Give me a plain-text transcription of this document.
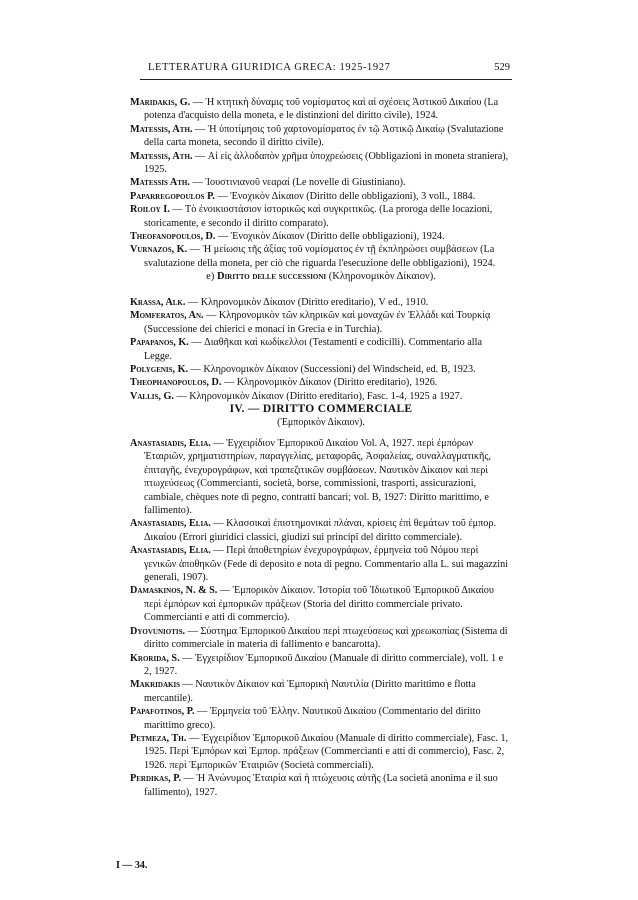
LETTERATURA GIURIDICA GRECA: 1925-1927	529

Maridakis, G. — Ἡ κτητικὴ δύναμις τοῦ νομίσματος καὶ αἱ σχέσεις Ἀστικοῦ Δικαίου (La potenza d'acquisto della moneta, e le distinzioni del diritto civile), 1924.

Matessis, Ath. — Ἡ ὑποτίμησις τοῦ χαρτονομίσματος ἐν τῷ Ἀστικῷ Δικαίῳ (Svalutazione della carta moneta, secondo il diritto civile).

Matessis, Ath. — Αἱ εἰς ἀλλοδαπὸν χρῆμα ὑποχρεώσεις (Obbligazioni in moneta straniera), 1925.

Matessis Ath. — Ἰουστινιανοῦ νεαραί (Le novelle di Giustiniano).

Paparregopoulos P. — Ἐνοχικὸν Δίκαιον (Diritto delle obbligazioni), 3 voll., 1884.

Roiloy I. — Τὸ ἐνοικιοστάσιον ἱστορικῶς καὶ συγκριτικῶς. (La proroga delle locazioni, storicamente, e secondo il diritto comparato).

Theofanopoulos, D. — Ἐνοχικὸν Δίκαιον (Diritto delle obbligazioni), 1924.

Vurnazos, K. — Ἡ μείωσις τῆς ἀξίας τοῦ νομίσματος ἐν τῇ ἐκπληρώσει συμβάσεων (La svalutazione della moneta, per ciò che riguarda l'esecuzione delle obbligazioni), 1924.

e) Diritto delle successioni (Κληρονομικὸν Δίκαιον).

Krassa, Alk. — Κληρονομικὸν Δίκαιον (Diritto ereditario), V ed., 1910.

Momferatos, An. — Κληρονομικὸν τῶν κληρικῶν καὶ μοναχῶν ἐν Ἑλλάδι καὶ Τουρκίᾳ (Successione dei chierici e monaci in Grecia e in Turchia).

Papapanos, K. — Διαθῆκαι καὶ κωδίκελλοι (Testamenti e codicilli). Commentario alla Legge.

Polygenis, K. — Κληρονομικὸν Δίκαιον (Successioni) del Windscheid, ed. B, 1923.

Theophanopoulos, D. — Κληρονομικὸν Δίκαιον (Diritto ereditario), 1926.

Vallis, G. — Κληρονομικὸν Δίκαιον (Diritto ereditario), Fasc. 1-4, 1925 a 1927.

IV. — DIRITTO COMMERCIALE
(Ἐμπορικὸν Δίκαιον).

Anastasiadis, Elia. — Ἐγχειρίδιον Ἐμπορικοῦ Δικαίου Vol. A, 1927. περὶ ἐμπόρων Ἑταιριῶν, χρηματιστηρίων, παραγγελίας, μεταφορᾶς, Ἀσφαλείας, συναλλαγματικῆς, ἐπιταγῆς, ἐνεχυρογράφων, καὶ τραπεζιτικῶν συμβάσεων. Ναυτικὸν Δίκαιον καὶ περὶ πτωχεύσεως (Commercianti, società, borse, commissioni, trasporti, assicurazioni, cambiale, chèques note di pegno, contratti bancari; vol. B, 1927: Diritto marittimo, e fallimento).

Anastasiadis, Elia. — Κλασσικαὶ ἐπιστημονικαὶ πλάναι, κρίσεις ἐπὶ θεμάτων τοῦ ἐμπορ. Δικαίου (Errori giuridici classici, giudizi sui principî del diritto commerciale).

Anastasiadis, Elia. — Περὶ ἀποθετηρίων ἐνεχυρογράφων, ἑρμηνεία τοῦ Νόμου περὶ γενικῶν ἀποθηκῶν (Fede di deposito e nota di pegno. Commentario alla L. sui magazzini generali, 1907).

Damaskinos, N. & S. — Ἐμπορικὸν Δίκαιον. Ἱστορία τοῦ Ἰδιωτικοῦ Ἐμπορικοῦ Δικαίου περὶ ἐμπόρων καὶ ἐμπορικῶν πράξεων (Storia del diritto commerciale privato. Commercianti e atti di commercio).

Dyovuniotis. — Σύστημα Ἐμπορικοῦ Δικαίου περὶ πτωχεύσεως καὶ χρεωκοπίας (Sistema di diritto commerciale in materia di fallimento e bancarotta).

Krorida, S. — Ἐγχειρίδιον Ἐμπορικοῦ Δικαίου (Manuale di diritto commerciale), voll. 1 e 2, 1927.

Makridakis — Ναυτικὸν Δίκαιον καὶ Ἐμπορικὴ Ναυτιλία (Diritto marittimo e flotta mercantile).

Papafotinos, P. — Ἑρμηνεία τοῦ Ἑλλην. Ναυτικοῦ Δικαίου (Commentario del diritto marittimo greco).

Petmeza, Th. — Ἐγχειρίδιον Ἐμπορικοῦ Δικαίου (Manuale di diritto commerciale), Fasc. 1, 1925. Περὶ Ἐμπόρων καὶ Ἐμπορ. πράξεων (Commercianti e atti di commercio), Fasc. 2, 1926. περὶ Ἐμπορικῶν Ἑταιριῶν (Società commerciali).

Perdikas, P. — Ἡ Ἀνώνυμος Ἑταιρία καὶ ἡ πτώχευσις αὐτῆς (La società anonima e il suo fallimento), 1927.

I — 34.
